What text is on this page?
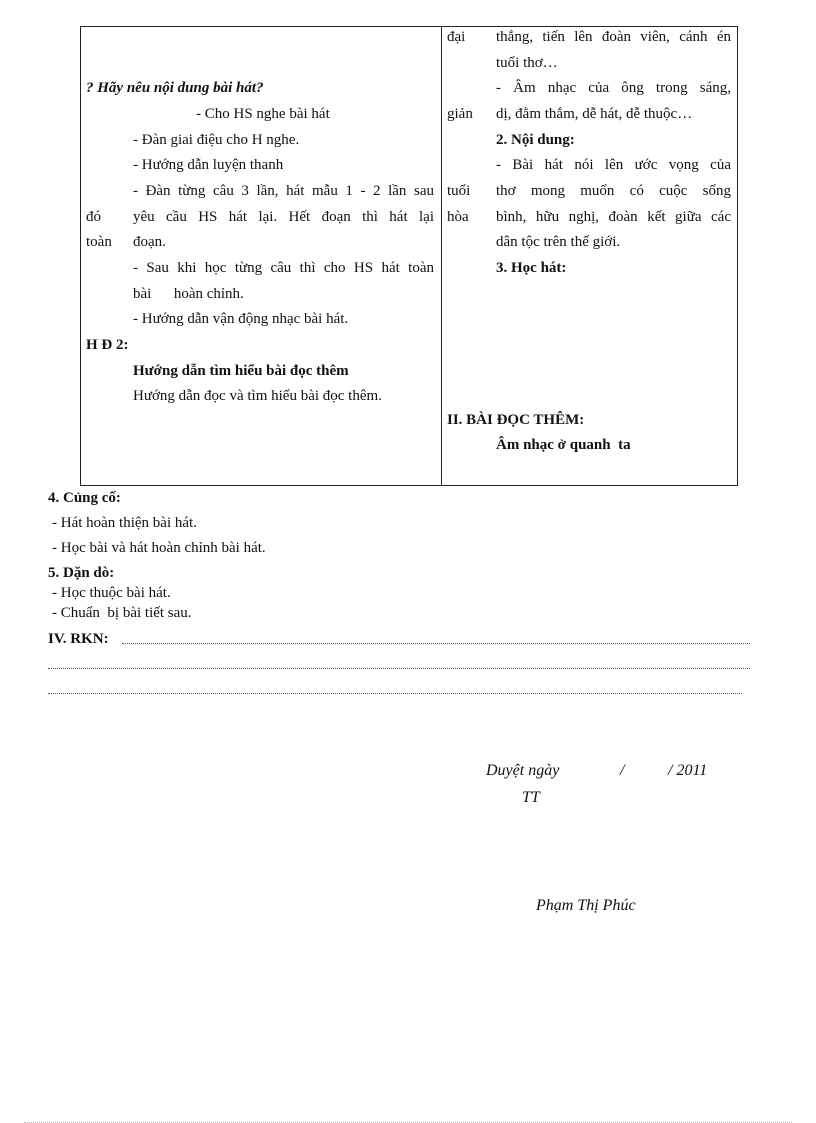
? Hãy nêu nội dung bài hát?
- Cho HS nghe bài hát
- Đàn giai điệu cho H nghe.
- Hướng dẫn luyện thanh
- Đàn từng câu 3 lần, hát mẫu 1 - 2 lần sau
đó yêu cầu HS hát lại. Hết đoạn thì hát lại
toàn đoạn.
- Sau khi học từng câu thì cho HS hát toàn
bài      hoàn chỉnh.
- Hướng dẫn vận động nhạc bài hát.
H Đ 2:
Hướng dẫn tìm hiểu bài đọc thêm
Hướng dẫn đọc và tìm hiểu bài đọc thêm.
đại thắng, tiến lên đoàn viên, cánh én
tuổi thơ…
- Âm nhạc của ông trong sáng,
giản dị, đằm thắm, dễ hát, dễ thuộc…
2. Nội dung:
- Bài hát nói lên ước vọng của
tuổi thơ mong muốn có cuộc sống
hòa bình, hữu nghị, đoàn kết giữa các
dân tộc trên thế giới.
3. Học hát:
II. BÀI ĐỌC THÊM:
Âm nhạc ở quanh  ta
4. Củng cố:
- Hát hoàn thiện bài hát.
- Học bài và hát hoàn chỉnh bài hát.
5. Dặn dò:
- Học thuộc bài hát.
- Chuẩn  bị bài tiết sau.
IV. RKN:
Duyệt ngày	/	/ 2011
TT
Phạm Thị Phúc
